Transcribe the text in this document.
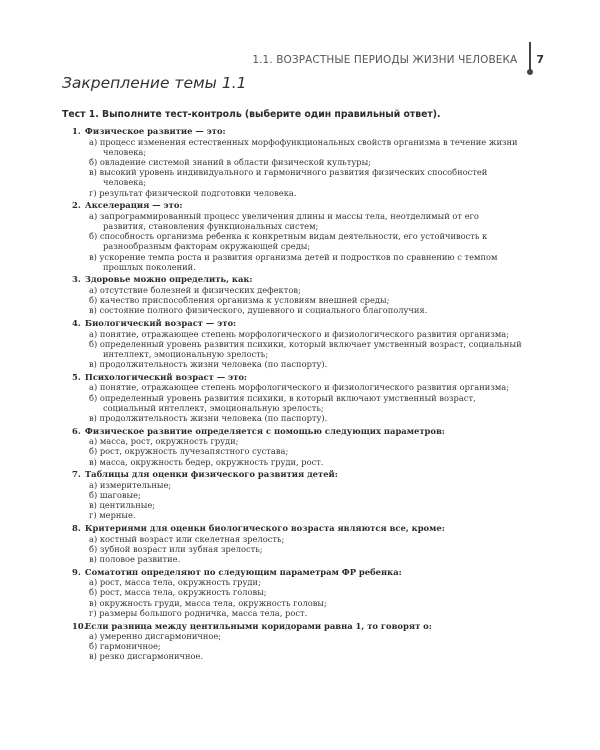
1.1. ВОЗРАСТНЫЕ ПЕРИОДЫ ЖИЗНИ ЧЕЛОВЕКА	7
Закрепление темы 1.1
Тест 1. Выполните тест-контроль (выберите один правильный ответ).

1. Физическое развитие — это:

а) процесс изменения естественных морфофункциональных свойств организма в течение жизни человека;
б) овладение системой знаний в области физической культуры;
в) высокий уровень индивидуального и гармоничного развития физических способностей человека;
г) результат физической подготовки человека.

2. Акселерация — это:

а) запрограммированный процесс увеличения длины и массы тела, неотделимый от его развития, становления функциональных систем;
б) способность организма ребенка к конкретным видам деятельности, его устойчивость к разнообразным факторам окружающей среды;
в) ускорение темпа роста и развития организма детей и подростков по сравнению с темпом прошлых поколений.

3. Здоровье можно определить, как:

а) отсутствие болезней и физических дефектов;
б) качество приспособления организма к условиям внешней среды;
в) состояние полного физического, душевного и социального благополучия.

4. Биологический возраст — это:

а) понятие, отражающее степень морфологического и физиологического развития организма;
б) определенный уровень развития психики, который включает умственный возраст, социальный интеллект, эмоциональную зрелость;
в) продолжительность жизни человека (по паспорту).

5. Психологический возраст — это:

а) понятие, отражающее степень морфологического и физиологического развития организма;
б) определенный уровень развития психики, в который включают умственный возраст, социальный интеллект, эмоциональную зрелость;
в) продолжительность жизни человека (по паспорту).

6. Физическое развитие определяется с помощью следующих параметров:

а) масса, рост, окружность груди;
б) рост, окружность лучезапястного сустава;
в) масса, окружность бедер, окружность груди, рост.

7. Таблицы для оценки физического развития детей:

а) измерительные;
б) шаговые;
в) центильные;
г) мерные.

8. Критериями для оценки биологического возраста являются все, кроме:

а) костный возраст или скелетная зрелость;
б) зубной возраст или зубная зрелость;
в) половое развитие.

9. Соматотип определяют по следующим параметрам ФР ребенка:

а) рост, масса тела, окружность груди;
б) рост, масса тела, окружность головы;
в) окружность груди, масса тела, окружность головы;
г) размеры большого родничка, масса тела, рост.

10. Если разница между центильными коридорами равна 1, то говорят о:

а) умеренно дисгармоничное;
б) гармоничное;
в) резко дисгармоничное.
